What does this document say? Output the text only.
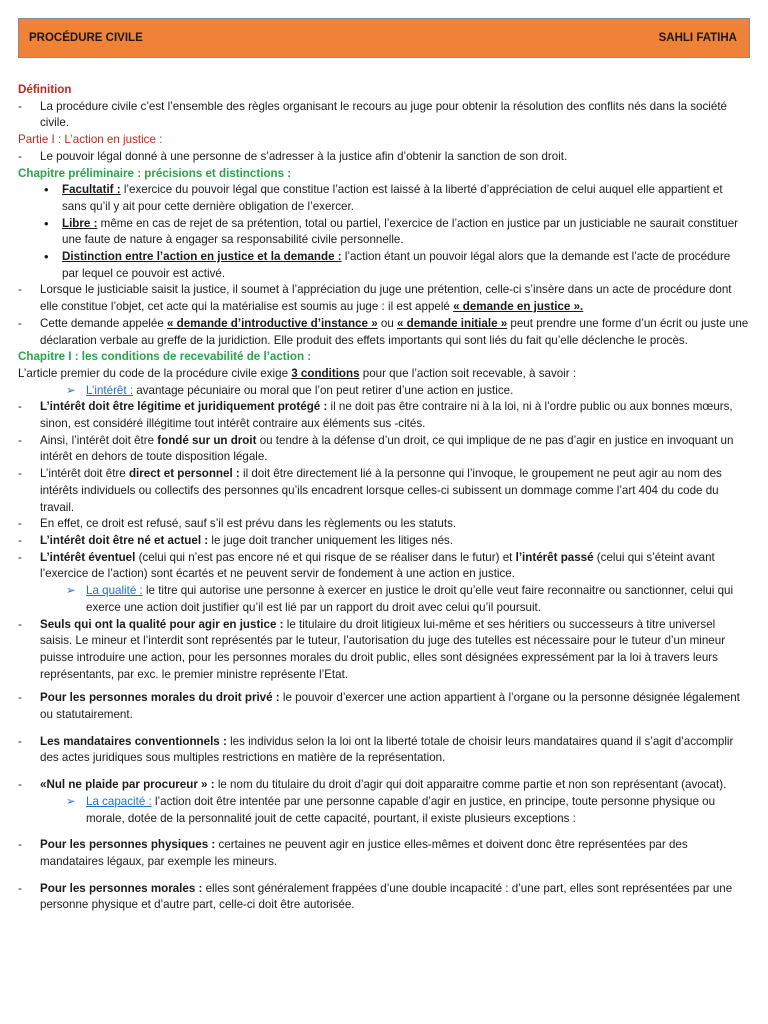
PROCÉDURE CIVILE	SAHLI FATIHA
Définition
- La procédure civile c’est l’ensemble des règles organisant le recours au juge pour obtenir la résolution des conflits nés dans la société civile.
Partie I : L’action en justice :
- Le pouvoir légal donné à une personne de s’adresser à la justice afin d’obtenir la sanction de son droit.
Chapitre préliminaire : précisions et distinctions :
• Facultatif : l’exercice du pouvoir légal que constitue l’action est laissé à la liberté d’appréciation de celui auquel elle appartient et sans qu’il y ait pour cette dernière obligation de l’exercer.
• Libre : même en cas de rejet de sa prétention, total ou partiel, l’exercice de l’action en justice par un justiciable ne saurait constituer une faute de nature à engager sa responsabilité civile personnelle.
• Distinction entre l’action en justice et la demande : l’action étant un pouvoir légal alors que la demande est l’acte de procédure par lequel ce pouvoir est activé.
- Lorsque le justiciable saisit la justice, il soumet à l’appréciation du juge une prétention, celle-ci s’insère dans un acte de procédure dont elle constitue l’objet, cet acte qui la matérialise est soumis au juge : il est appelé « demande en justice ».
- Cette demande appelée « demande d’introductive d’instance » ou « demande initiale » peut prendre une forme d’un écrit ou juste une déclaration verbale au greffe de la juridiction. Elle produit des effets importants qui sont liés du fait qu’elle déclenche le procès.
Chapitre I : les conditions de recevabilité de l’action :
L’article premier du code de la procédure civile exige 3 conditions pour que l’action soit recevable, à savoir :
➢ L’intérêt : avantage pécuniaire ou moral que l’on peut retirer d’une action en justice.
- L’intérêt doit être légitime et juridiquement protégé : il ne doit pas être contraire ni à la loi, ni à l’ordre public ou aux bonnes mœurs, sinon, est considéré illégitime tout intérêt contraire aux éléments sus -cités.
- Ainsi, l’intérêt doit être fondé sur un droit ou tendre à la défense d’un droit, ce qui implique de ne pas d’agir en justice en invoquant un intérêt en dehors de toute disposition légale.
- L’intérêt doit être direct et personnel : il doit être directement lié à la personne qui l’invoque, le groupement ne peut agir au nom des intérêts individuels ou collectifs des personnes qu’ils encadrent lorsque celles-ci subissent un dommage comme l’art 404 du code du travail.
- En effet, ce droit est refusé, sauf s’il est prévu dans les règlements ou les statuts.
- L’intérêt doit être né et actuel : le juge doit trancher uniquement les litiges nés.
- L’intérêt éventuel (celui qui n’est pas encore né et qui risque de se réaliser dans le futur) et l’intérêt passé (celui qui s’éteint avant l’exercice de l’action) sont écartés et ne peuvent servir de fondement à une action en justice.
➢ La qualité : le titre qui autorise une personne à exercer en justice le droit qu’elle veut faire reconnaitre ou sanctionner, celui qui exerce une action doit justifier qu’il est lié par un rapport du droit avec celui qu’il poursuit.
- Seuls qui ont la qualité pour agir en justice : le titulaire du droit litigieux lui-même et ses héritiers ou successeurs à titre universel saisis. Le mineur et l’interdit sont représentés par le tuteur, l’autorisation du juge des tutelles est nécessaire pour le tuteur d’un mineur puisse introduire une action, pour les personnes morales du droit public, elles sont désignées expressément par la loi à travers leurs représentants, par exc. le premier ministre représente l’Etat.
- Pour les personnes morales du droit privé : le pouvoir d’exercer une action appartient à l’organe ou la personne désignée légalement ou statutairement.
- Les mandataires conventionnels : les individus selon la loi ont la liberté totale de choisir leurs mandataires quand il s’agit d’accomplir des actes juridiques sous multiples restrictions en matière de la représentation.
- «Nul ne plaide par procureur » : le nom du titulaire du droit d’agir qui doit apparaitre comme partie et non son représentant (avocat).
➢ La capacité : l’action doit être intentée par une personne capable d’agir en justice, en principe, toute personne physique ou morale, dotée de la personnalité jouit de cette capacité, pourtant, il existe plusieurs exceptions :
- Pour les personnes physiques : certaines ne peuvent agir en justice elles-mêmes et doivent donc être représentées par des mandataires légaux, par exemple les mineurs.
- Pour les personnes morales : elles sont généralement frappées d’une double incapacité : d’une part, elles sont représentées par une personne physique et d’autre part, celle-ci doit être autorisée.
